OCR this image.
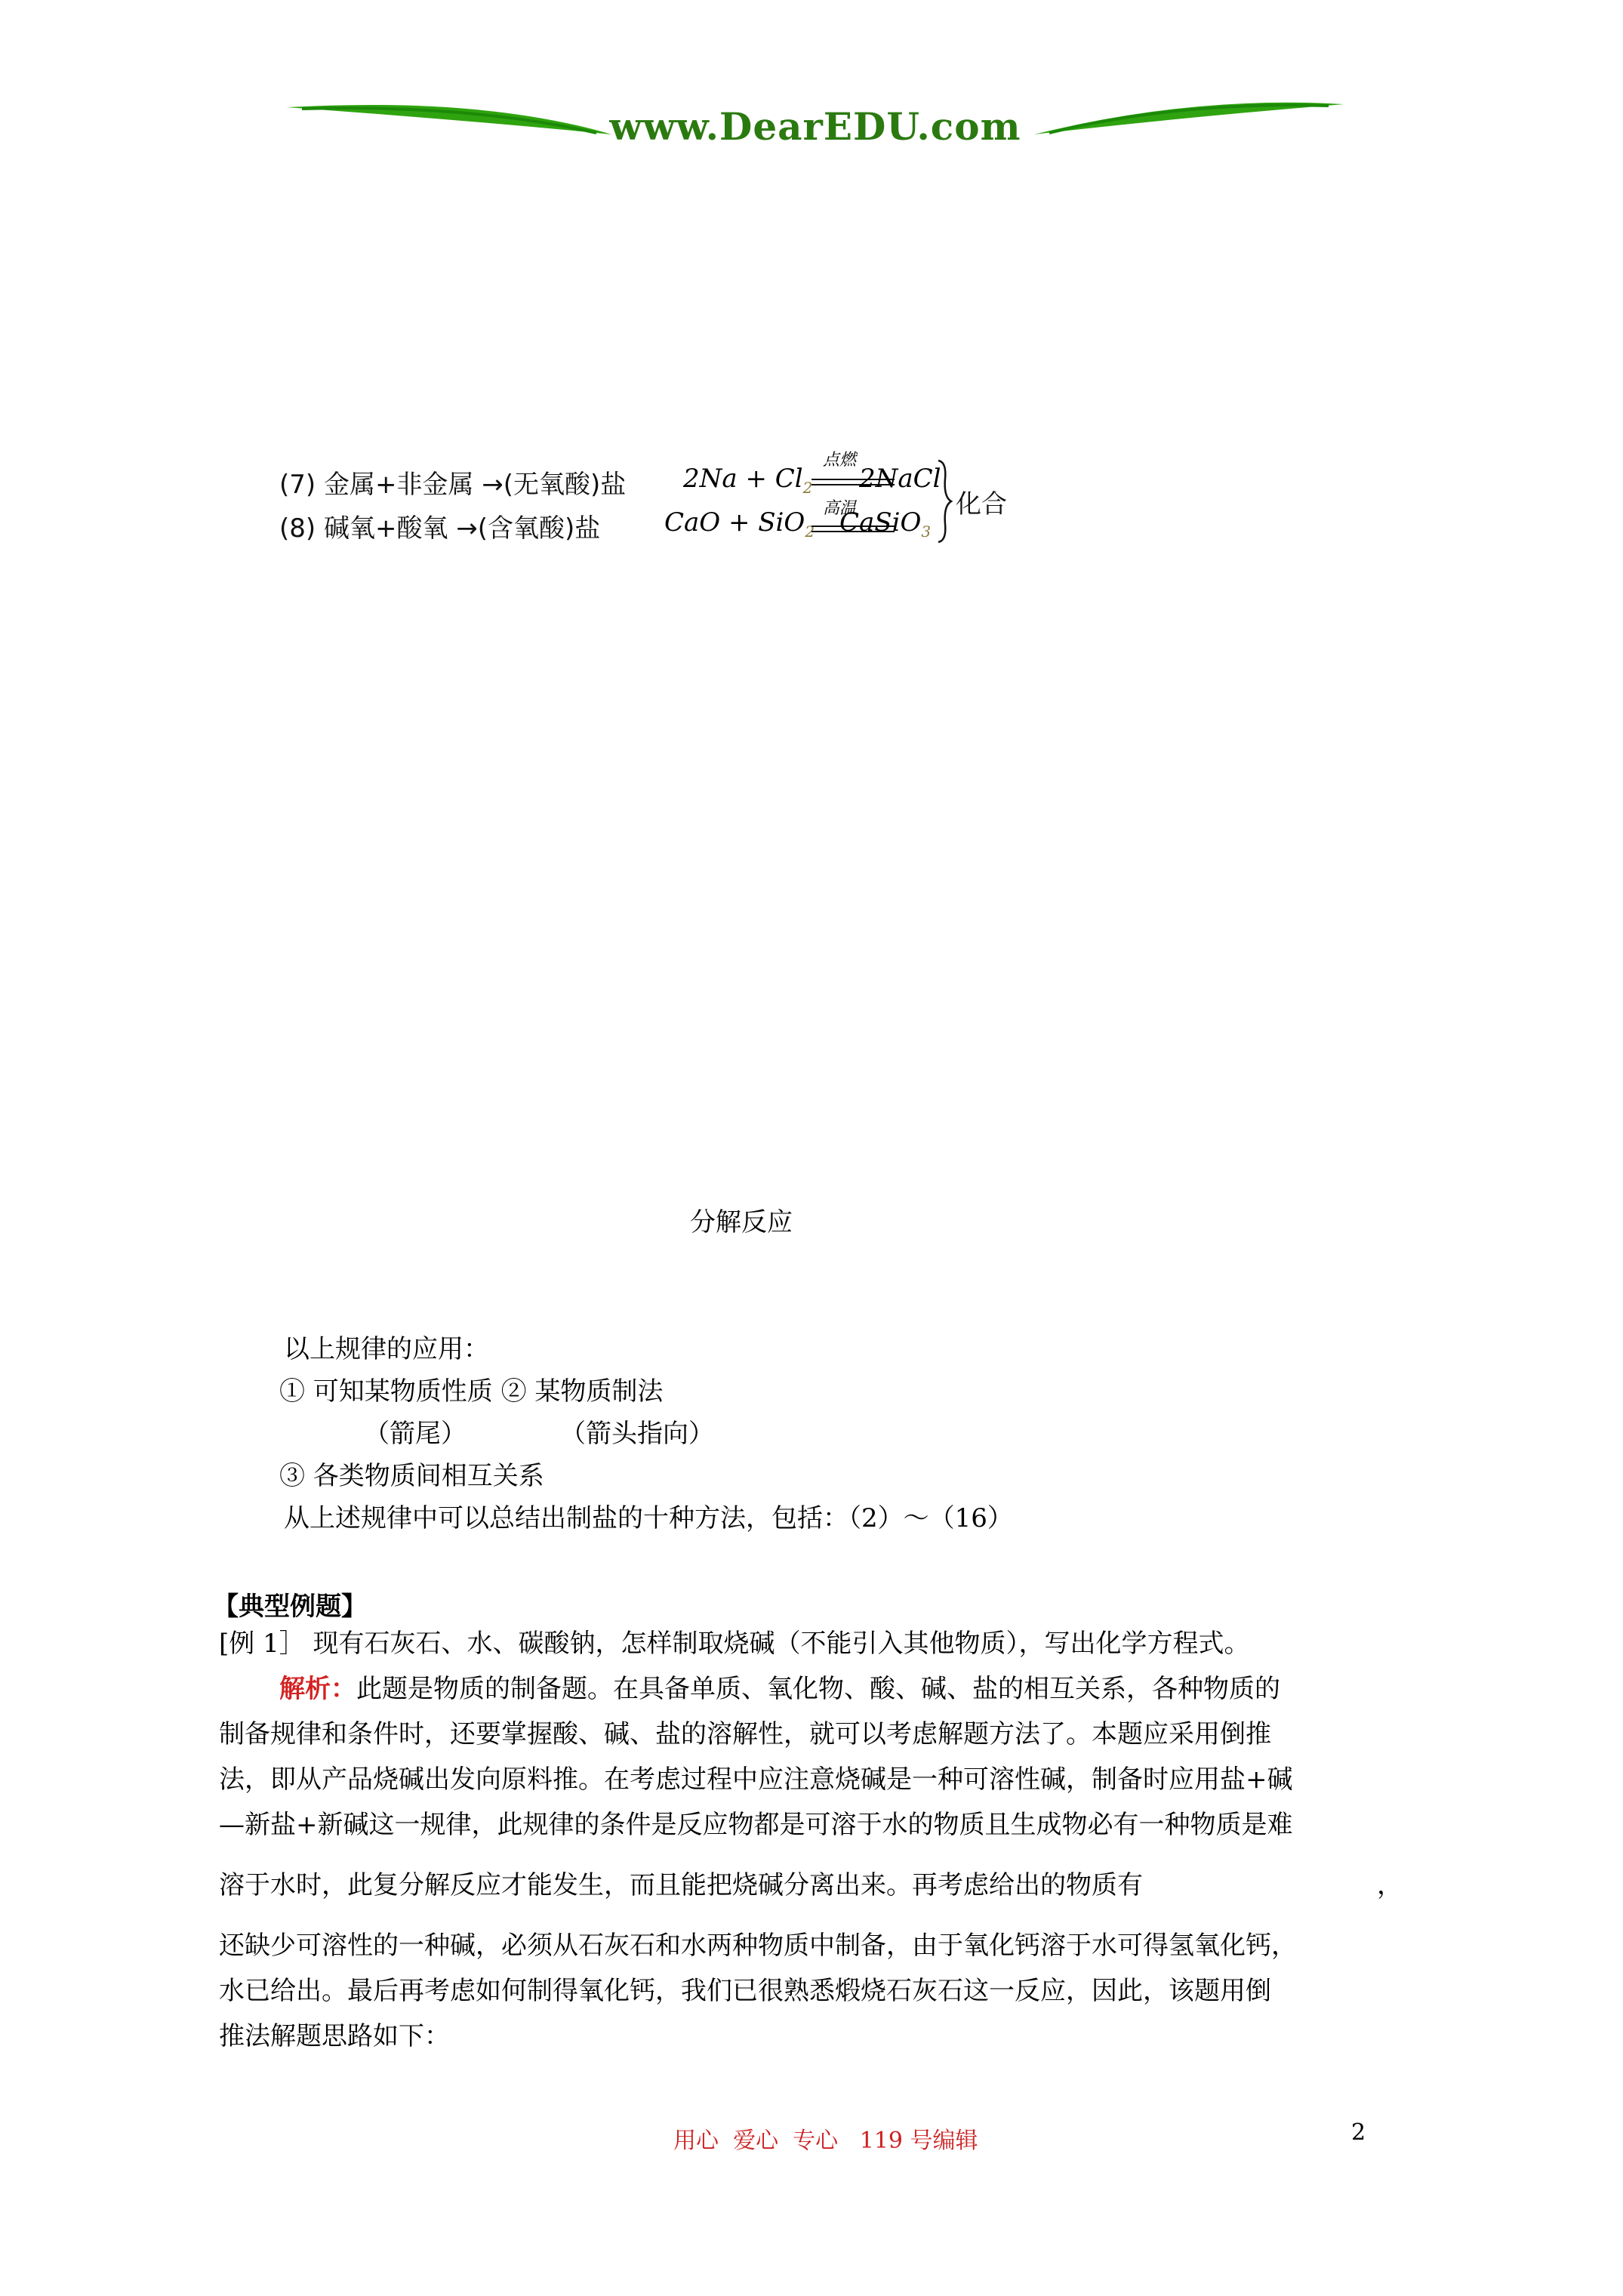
www.DearEDU.com
(7) 金属+非金属 →(无氧酸)盐 $2Na + Cl_2$
点燃
2NaCl
(8) 碱氧+酸氧 →(含氧酸)盐 CaO + SiO$_2$
高温
CaSiO$_3$
化合
分解反应
以上规律的应用：
① 可知某物质性质 ② 某物质制法
（箭尾）	（箭头指向）
③ 各类物质间相互关系
从上述规律中可以总结出制盐的十种方法，包括：（2）～（16）
【典型例题】
[例 1］ 现有石灰石、水、碳酸钠，怎样制取烧碱（不能引入其他物质），写出化学方程式。
解析：此题是物质的制备题。在具备单质、氧化物、酸、碱、盐的相互关系，各种物质的
制备规律和条件时，还要掌握酸、碱、盐的溶解性，就可以考虑解题方法了。本题应采用倒推
法，即从产品烧碱出发向原料推。在考虑过程中应注意烧碱是一种可溶性碱，制备时应用盐+碱
—新盐+新碱这一规律，此规律的条件是反应物都是可溶于水的物质且生成物必有一种物质是难
溶于水时，此复分解反应才能发生，而且能把烧碱分离出来。再考虑给出的物质有	，
还缺少可溶性的一种碱，必须从石灰石和水两种物质中制备，由于氧化钙溶于水可得氢氧化钙，
水已给出。最后再考虑如何制得氧化钙，我们已很熟悉煅烧石灰石这一反应，因此，该题用倒
推法解题思路如下：
用心  爱心  专心   119 号编辑	2
